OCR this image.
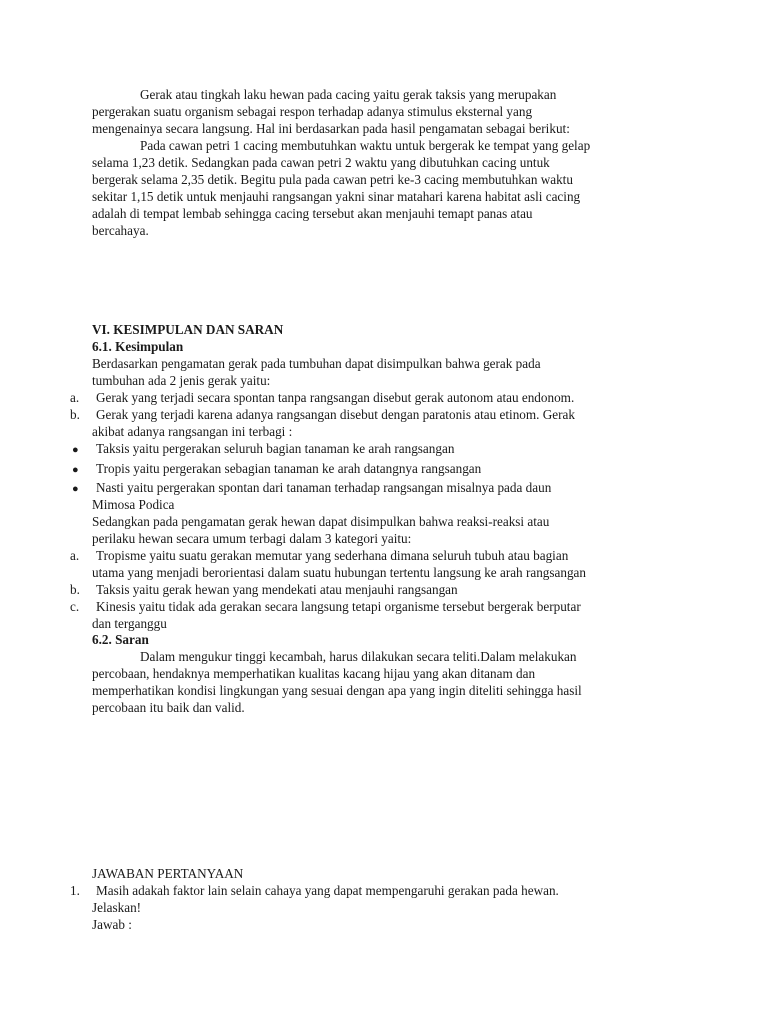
Gerak atau tingkah laku hewan pada cacing yaitu gerak taksis yang merupakan
pergerakan suatu organism sebagai respon terhadap adanya stimulus eksternal yang
mengenainya secara langsung. Hal ini berdasarkan pada hasil pengamatan sebagai berikut:
Pada cawan petri 1 cacing membutuhkan waktu untuk bergerak ke tempat yang gelap
selama 1,23 detik. Sedangkan pada cawan petri 2 waktu yang dibutuhkan cacing untuk
bergerak selama 2,35 detik. Begitu pula pada cawan petri ke-3 cacing membutuhkan waktu
sekitar 1,15 detik untuk menjauhi rangsangan yakni sinar matahari karena habitat asli cacing
adalah di tempat lembab sehingga cacing tersebut akan menjauhi temapt panas atau
bercahaya.
VI. KESIMPULAN DAN SARAN
6.1. Kesimpulan
Berdasarkan pengamatan gerak pada tumbuhan dapat disimpulkan bahwa gerak pada
tumbuhan ada 2 jenis gerak yaitu:
a. Gerak yang terjadi secara spontan tanpa rangsangan disebut gerak autonom atau endonom.
b. Gerak yang terjadi karena adanya rangsangan disebut dengan paratonis atau etinom. Gerak
akibat adanya rangsangan ini terbagi :
● Taksis yaitu pergerakan seluruh bagian tanaman ke arah rangsangan
● Tropis yaitu pergerakan sebagian tanaman ke arah datangnya rangsangan
● Nasti yaitu pergerakan spontan dari tanaman terhadap rangsangan misalnya pada daun
Mimosa Podica
Sedangkan pada pengamatan gerak hewan dapat disimpulkan bahwa reaksi-reaksi atau
perilaku hewan secara umum terbagi dalam 3 kategori yaitu:
a. Tropisme yaitu suatu gerakan memutar yang sederhana dimana seluruh tubuh atau bagian
utama yang menjadi berorientasi dalam suatu hubungan tertentu langsung ke arah rangsangan
b. Taksis yaitu gerak hewan yang mendekati atau menjauhi rangsangan
c. Kinesis yaitu tidak ada gerakan secara langsung tetapi organisme tersebut bergerak berputar
dan terganggu
6.2. Saran
Dalam mengukur tinggi kecambah, harus dilakukan secara teliti.Dalam melakukan
percobaan, hendaknya memperhatikan kualitas kacang hijau yang akan ditanam dan
memperhatikan kondisi lingkungan yang sesuai dengan apa yang ingin diteliti sehingga hasil
percobaan itu baik dan valid.
JAWABAN PERTANYAAN
1. Masih adakah faktor lain selain cahaya yang dapat mempengaruhi gerakan pada hewan.
Jelaskan!
Jawab :
